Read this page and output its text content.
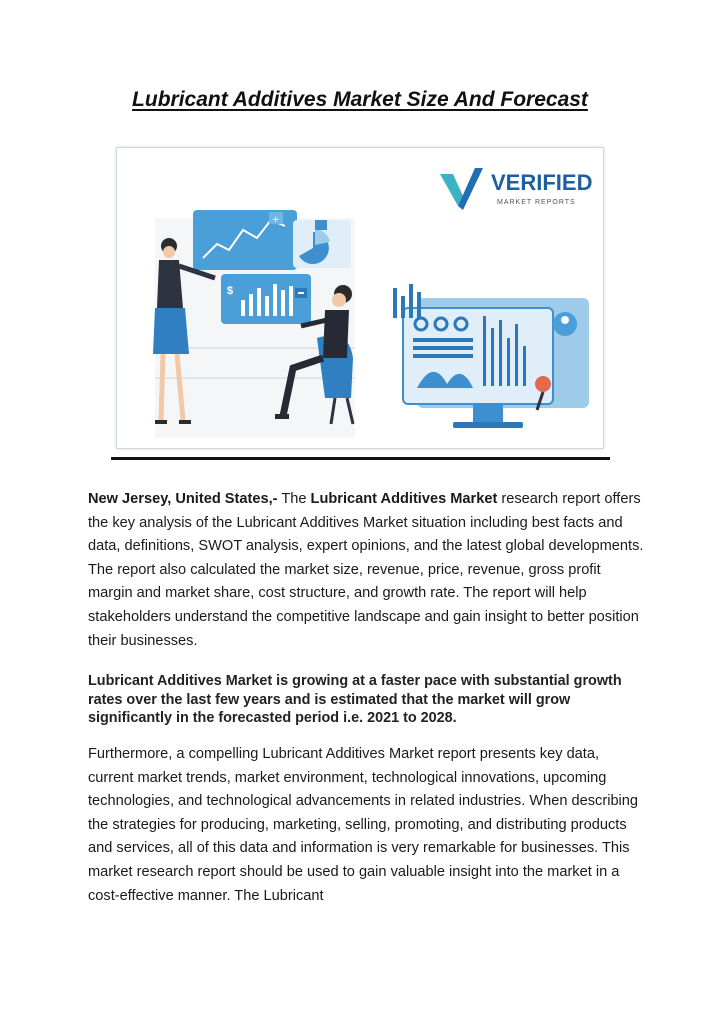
Lubricant Additives Market Size And Forecast
VERIFIED
MARKET REPORTS
+
$

New Jersey, United States,- The Lubricant Additives Market research report offers the key analysis of the Lubricant Additives Market situation including best facts and data, definitions, SWOT analysis, expert opinions, and the latest global developments. The report also calculated the market size, revenue, price, revenue, gross profit margin and market share, cost structure, and growth rate. The report will help stakeholders understand the competitive landscape and gain insight to better position their businesses.

Lubricant Additives Market is growing at a faster pace with substantial growth rates over the last few years and is estimated that the market will grow significantly in the forecasted period i.e. 2021 to 2028.

Furthermore, a compelling Lubricant Additives Market report presents key data, current market trends, market environment, technological innovations, upcoming technologies, and technological advancements in related industries. When describing the strategies for producing, marketing, selling, promoting, and distributing products and services, all of this data and information is very remarkable for businesses. This market research report should be used to gain valuable insight into the market in a cost-effective manner. The Lubricant
